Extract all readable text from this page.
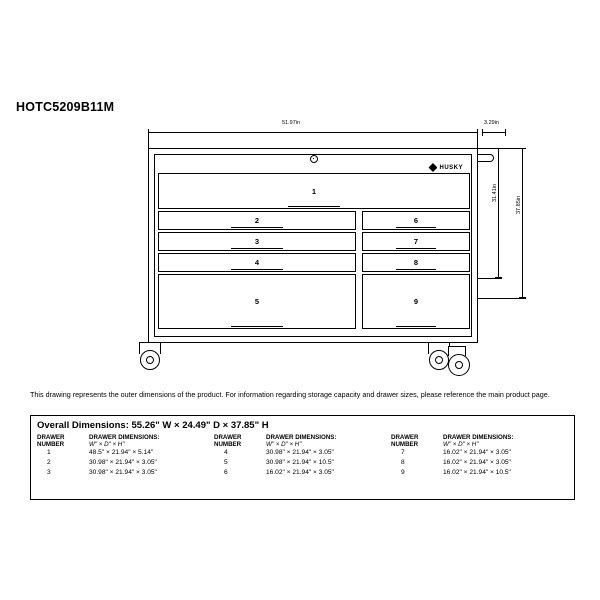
HOTC5209B11M
51.97in	3.29in
31.41in
37.85in
HUSKY
1
2
3
4
5
6
7
8
9
This drawing represents the outer dimensions of the product. For information regarding storage capacity and drawer sizes, please reference the main product page.
Overall Dimensions: 55.26" W × 24.49" D × 37.85" H
DRAWER
NUMBER
DRAWER DIMENSIONS:
W" × D" × H"
1	48.5" × 21.94" × 5.14"
2	30.98" × 21.94" × 3.05"
3	30.98" × 21.94" × 3.05"
DRAWER
NUMBER
DRAWER DIMENSIONS:
W" × D" × H"
4	30.98" × 21.94" × 3.05"
5	30.98" × 21.94" × 10.5"
6	16.02" × 21.94" × 3.05"
DRAWER
NUMBER
DRAWER DIMENSIONS:
W" × D" × H"
7	16.02" × 21.94" × 3.05"
8	16.02" × 21.94" × 3.05"
9	16.02" × 21.94" × 10.5"
